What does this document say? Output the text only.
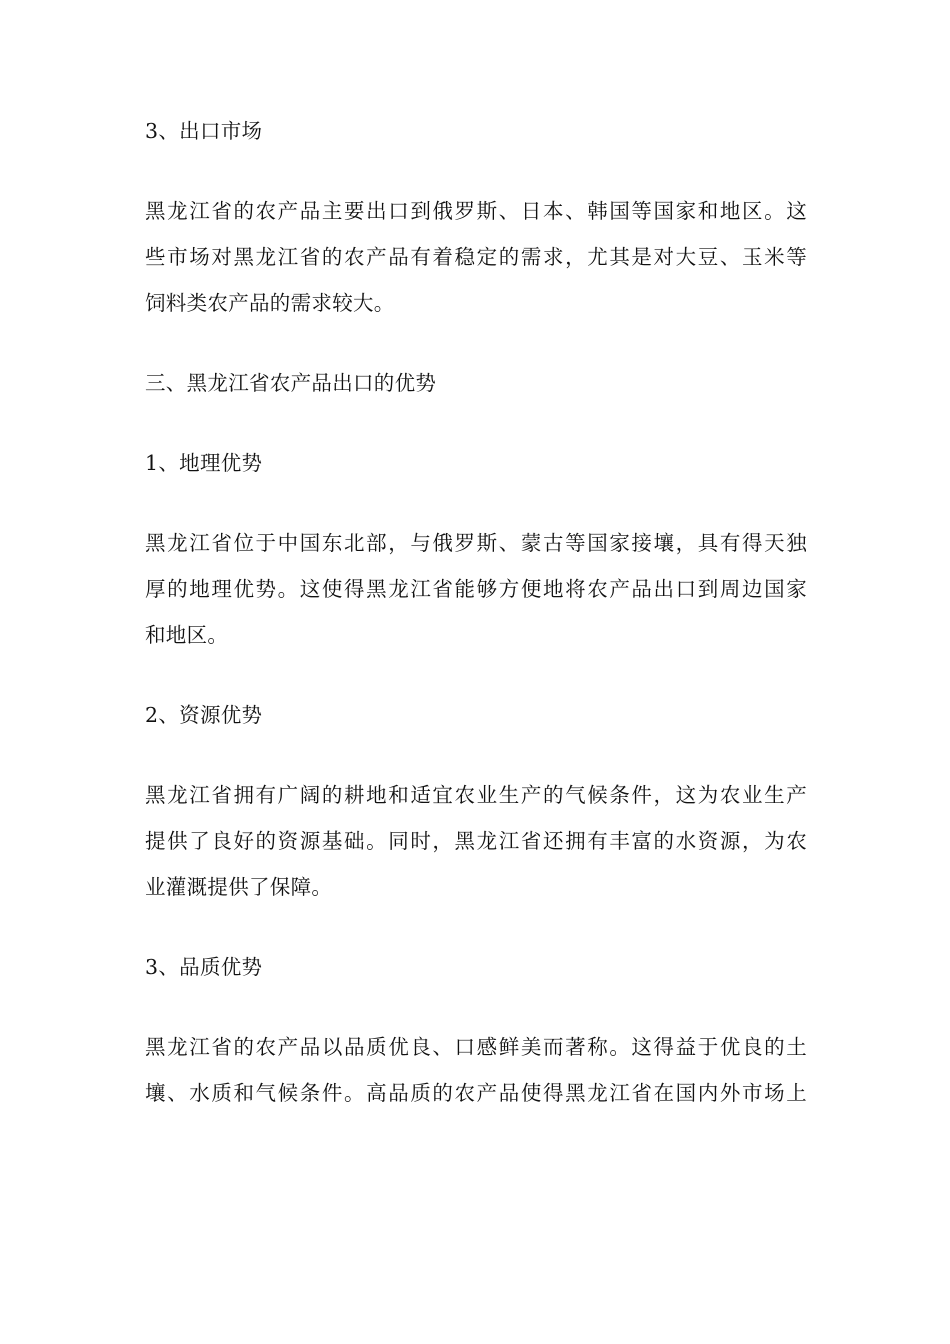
3、出口市场
黑龙江省的农产品主要出口到俄罗斯、日本、韩国等国家和地区。这
些市场对黑龙江省的农产品有着稳定的需求，尤其是对大豆、玉米等
饲料类农产品的需求较大。
三、黑龙江省农产品出口的优势
1、地理优势
黑龙江省位于中国东北部，与俄罗斯、蒙古等国家接壤，具有得天独
厚的地理优势。这使得黑龙江省能够方便地将农产品出口到周边国家
和地区。
2、资源优势
黑龙江省拥有广阔的耕地和适宜农业生产的气候条件，这为农业生产
提供了良好的资源基础。同时，黑龙江省还拥有丰富的水资源，为农
业灌溉提供了保障。
3、品质优势
黑龙江省的农产品以品质优良、口感鲜美而著称。这得益于优良的土
壤、水质和气候条件。高品质的农产品使得黑龙江省在国内外市场上
